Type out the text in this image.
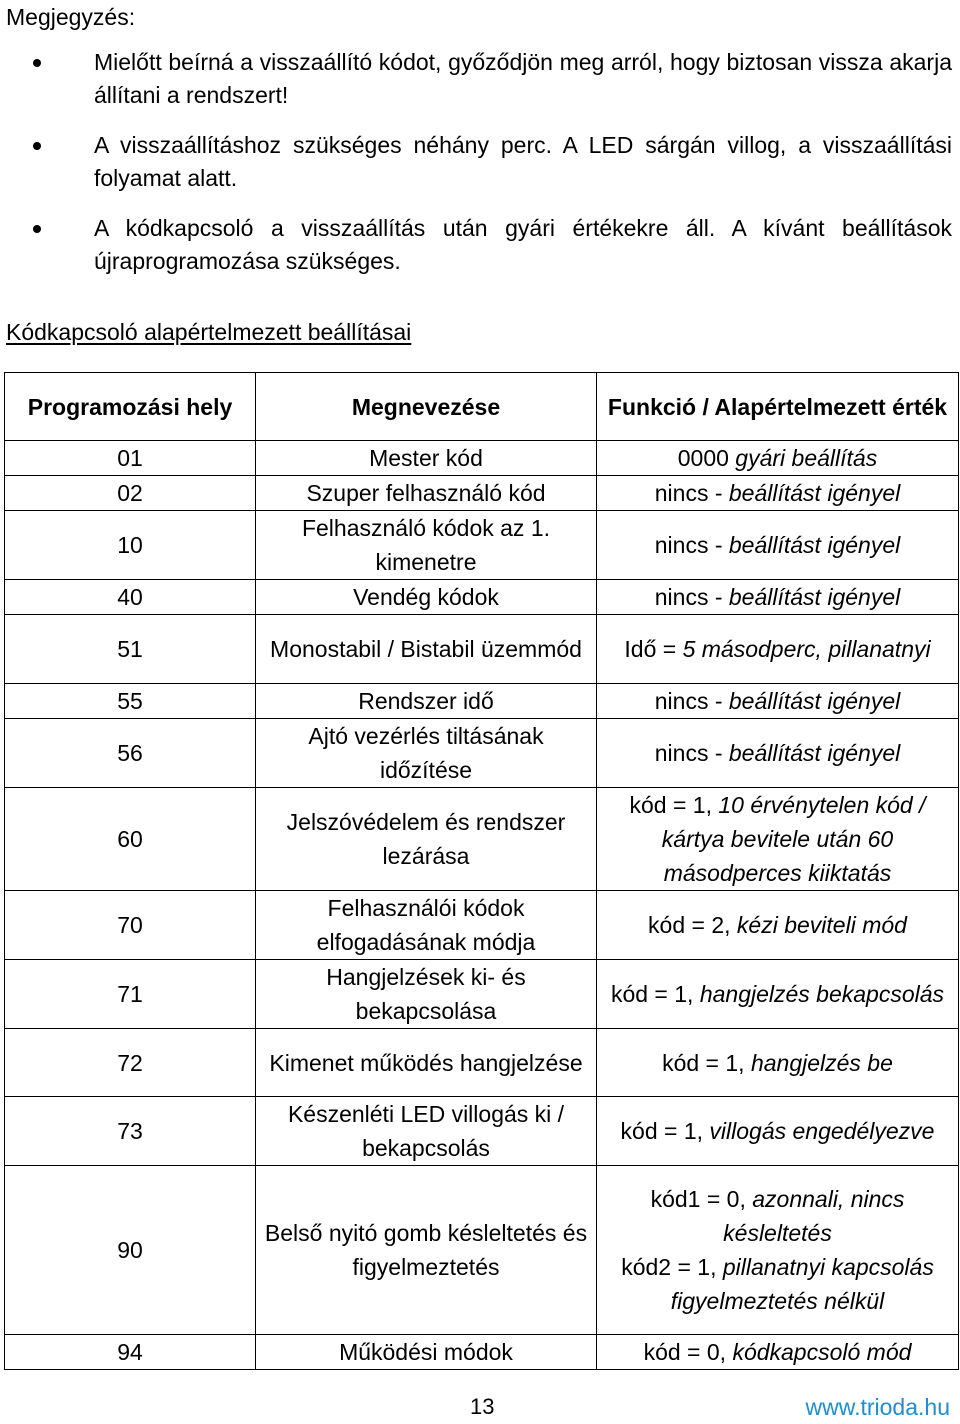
Megjegyzés:
Mielőtt beírná a visszaállító kódot, győződjön meg arról, hogy biztosan vissza akarja állítani a rendszert!
A visszaállításhoz szükséges néhány perc. A LED sárgán villog, a visszaállítási folyamat alatt.
A kódkapcsoló a visszaállítás után gyári értékekre áll. A kívánt beállítások újraprogramozása szükséges.
Kódkapcsoló alapértelmezett beállításai
Programozási hely	Megnevezése	Funkció / Alapértelmezett érték
01	Mester kód	0000 gyári beállítás
02	Szuper felhasználó kód	nincs - beállítást igényel
10	Felhasználó kódok az 1. kimenetre	nincs - beállítást igényel
40	Vendég kódok	nincs - beállítást igényel
51	Monostabil / Bistabil üzemmód	Idő = 5 másodperc, pillanatnyi
55	Rendszer idő	nincs - beállítást igényel
56	Ajtó vezérlés tiltásának időzítése	nincs - beállítást igényel
60	Jelszóvédelem és rendszer lezárása	kód = 1, 10 érvénytelen kód / kártya bevitele után 60 másodperces kiiktatás
70	Felhasználói kódok elfogadásának módja	kód = 2, kézi beviteli mód
71	Hangjelzések ki- és bekapcsolása	kód = 1, hangjelzés bekapcsolás
72	Kimenet működés hangjelzése	kód = 1, hangjelzés be
73	Készenléti LED villogás ki / bekapcsolás	kód = 1, villogás engedélyezve
90	Belső nyitó gomb késleltetés és figyelmeztetés	kód1 = 0, azonnali, nincs késleltetés
kód2 = 1, pillanatnyi kapcsolás figyelmeztetés nélkül
94	Működési módok	kód = 0, kódkapcsoló mód
13	www.trioda.hu
